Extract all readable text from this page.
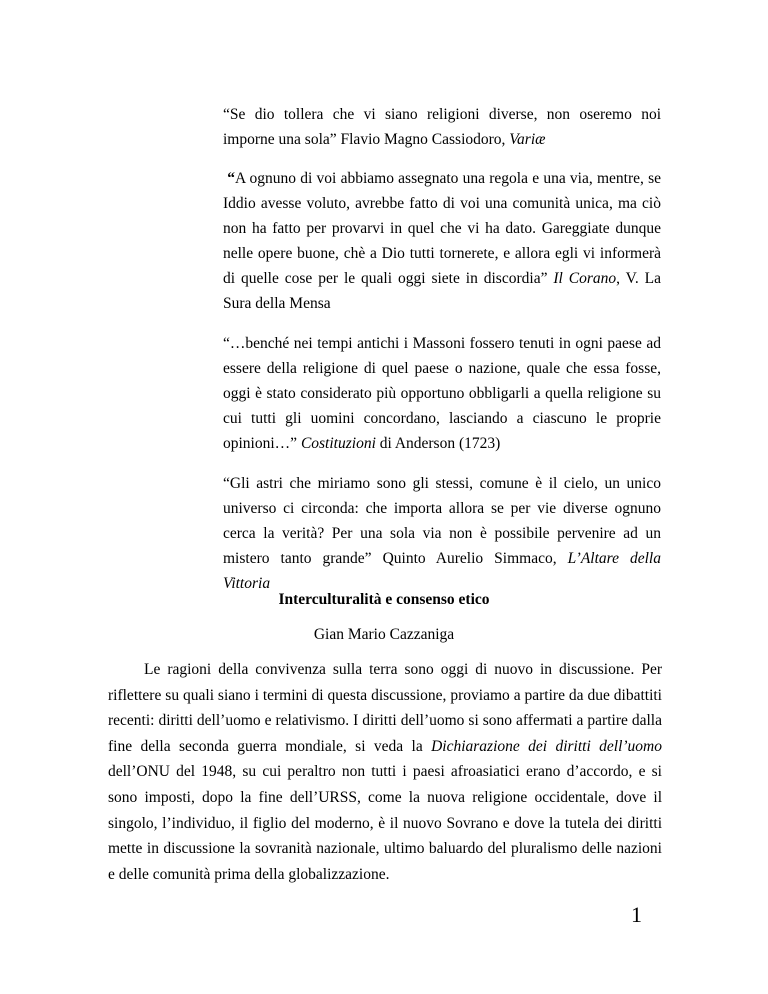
“Se dio tollera che vi siano religioni diverse, non oseremo noi imporne una sola” Flavio Magno Cassiodoro, Variæ

“A ognuno di voi abbiamo assegnato una regola e una via, mentre, se Iddio avesse voluto, avrebbe fatto di voi una comunità unica, ma ciò non ha fatto per provarvi in quel che vi ha dato. Gareggiate dunque nelle opere buone, chè a Dio tutti tornerete, e allora egli vi informerà di quelle cose per le quali oggi siete in discordia” Il Corano, V. La Sura della Mensa

“…benché nei tempi antichi i Massoni fossero tenuti in ogni paese ad essere della religione di quel paese o nazione, quale che essa fosse, oggi è stato considerato più opportuno obbligarli a quella religione su cui tutti gli uomini concordano, lasciando a ciascuno le proprie opinioni…” Costituzioni di Anderson (1723)

“Gli astri che miriamo sono gli stessi, comune è il cielo, un unico universo ci circonda: che importa allora se per vie diverse ognuno cerca la verità? Per una sola via non è possibile pervenire ad un mistero tanto grande” Quinto Aurelio Simmaco, L’Altare della Vittoria

Interculturalità e consenso etico

Gian Mario Cazzaniga

Le ragioni della convivenza sulla terra sono oggi di nuovo in discussione. Per riflettere su quali siano i termini di questa discussione, proviamo a partire da due dibattiti recenti: diritti dell’uomo e relativismo. I diritti dell’uomo si sono affermati a partire dalla fine della seconda guerra mondiale, si veda la Dichiarazione dei diritti dell’uomo dell’ONU del 1948, su cui peraltro non tutti i paesi afroasiatici erano d’accordo, e si sono imposti, dopo la fine dell’URSS, come la nuova religione occidentale, dove il singolo, l’individuo, il figlio del moderno, è il nuovo Sovrano e dove la tutela dei diritti mette in discussione la sovranità nazionale, ultimo baluardo del pluralismo delle nazioni e delle comunità prima della globalizzazione.

1
